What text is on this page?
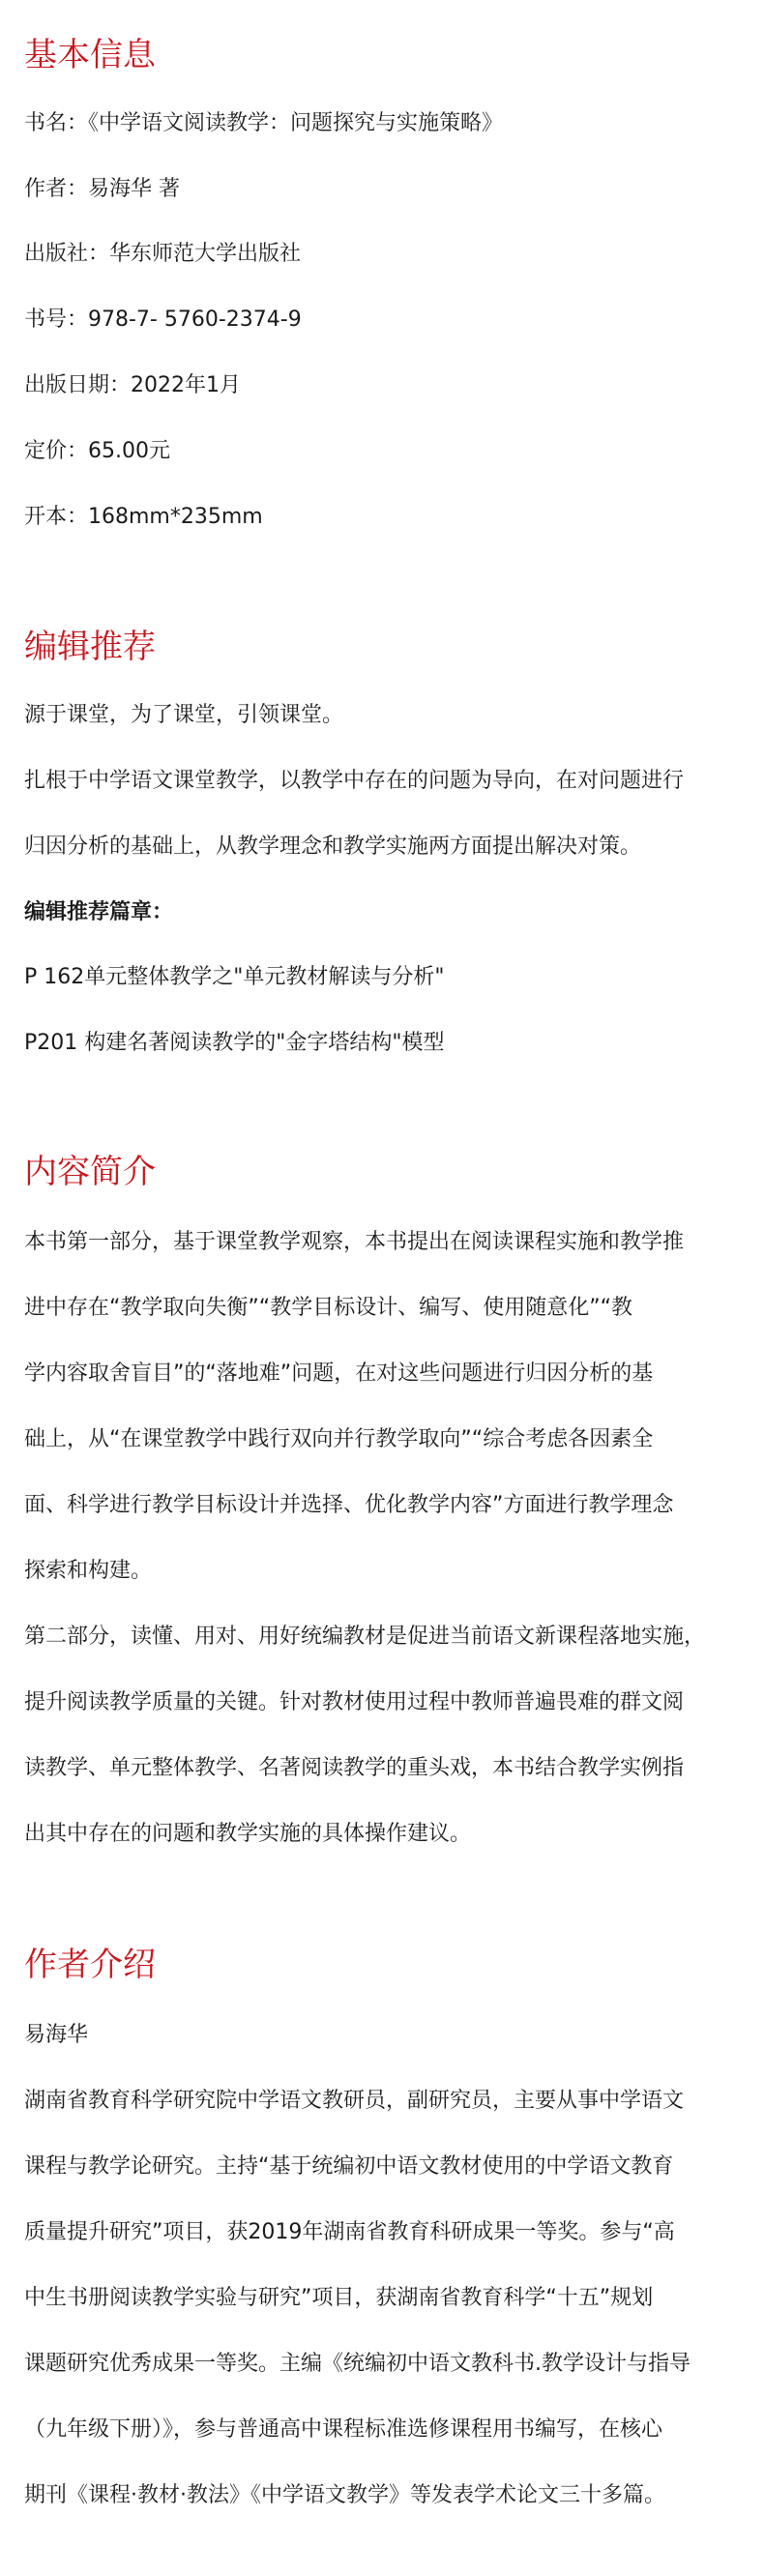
基本信息

书名：《中学语文阅读教学：问题探究与实施策略》

作者：易海华 著

出版社：华东师范大学出版社

书号：978-7- 5760-2374-9

出版日期：2022年1月

定价：65.00元

开本：168mm*235mm

编辑推荐

源于课堂，为了课堂，引领课堂。

扎根于中学语文课堂教学，以教学中存在的问题为导向，在对问题进行

归因分析的基础上，从教学理念和教学实施两方面提出解决对策。

编辑推荐篇章：

P 162单元整体教学之"单元教材解读与分析"

P201 构建名著阅读教学的"金字塔结构"模型

内容简介

本书第一部分，基于课堂教学观察，本书提出在阅读课程实施和教学推

进中存在“教学取向失衡”“教学目标设计、编写、使用随意化”“教

学内容取舍盲目”的“落地难”问题，在对这些问题进行归因分析的基

础上，从“在课堂教学中践行双向并行教学取向”“综合考虑各因素全

面、科学进行教学目标设计并选择、优化教学内容”方面进行教学理念

探索和构建。

第二部分，读懂、用对、用好统编教材是促进当前语文新课程落地实施，

提升阅读教学质量的关键。针对教材使用过程中教师普遍畏难的群文阅

读教学、单元整体教学、名著阅读教学的重头戏，本书结合教学实例指

出其中存在的问题和教学实施的具体操作建议。

作者介绍

易海华

湖南省教育科学研究院中学语文教研员，副研究员，主要从事中学语文

课程与教学论研究。主持“基于统编初中语文教材使用的中学语文教育

质量提升研究”项目，获2019年湖南省教育科研成果一等奖。参与“高

中生书册阅读教学实验与研究”项目，获湖南省教育科学“十五”规划

课题研究优秀成果一等奖。主编《统编初中语文教科书.教学设计与指导

（九年级下册）》，参与普通高中课程标准选修课程用书编写，在核心

期刊《课程·教材·教法》《中学语文教学》等发表学术论文三十多篇。
